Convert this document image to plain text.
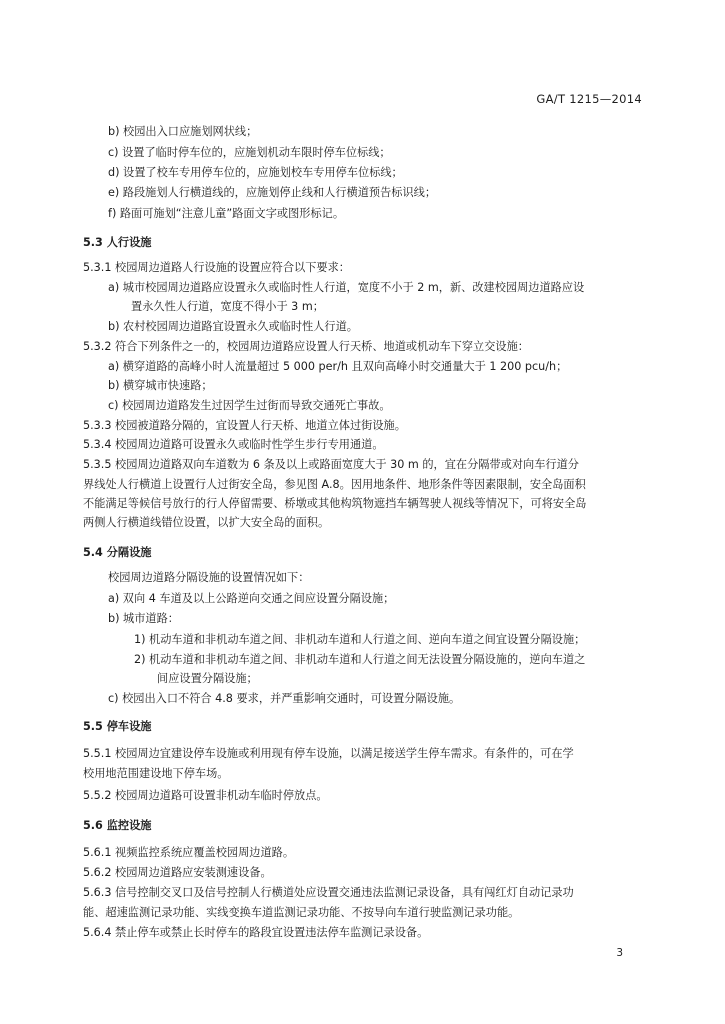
GA/T 1215—2014
b) 校园出入口应施划网状线；
c) 设置了临时停车位的，应施划机动车限时停车位标线；
d) 设置了校车专用停车位的，应施划校车专用停车位标线；
e) 路段施划人行横道线的，应施划停止线和人行横道预告标识线；
f) 路面可施划“注意儿童”路面文字或图形标记。
5.3 人行设施
5.3.1 校园周边道路人行设施的设置应符合以下要求：
a) 城市校园周边道路应设置永久或临时性人行道，宽度不小于 2 m，新、改建校园周边道路应设
置永久性人行道，宽度不得小于 3 m；
b) 农村校园周边道路宜设置永久或临时性人行道。
5.3.2 符合下列条件之一的，校园周边道路应设置人行天桥、地道或机动车下穿立交设施：
a) 横穿道路的高峰小时人流量超过 5 000 per/h 且双向高峰小时交通量大于 1 200 pcu/h；
b) 横穿城市快速路；
c) 校园周边道路发生过因学生过街而导致交通死亡事故。
5.3.3 校园被道路分隔的，宜设置人行天桥、地道立体过街设施。
5.3.4 校园周边道路可设置永久或临时性学生步行专用通道。
5.3.5 校园周边道路双向车道数为 6 条及以上或路面宽度大于 30 m 的，宜在分隔带或对向车行道分
界线处人行横道上设置行人过街安全岛，参见图 A.8。因用地条件、地形条件等因素限制，安全岛面积
不能满足等候信号放行的行人停留需要、桥墩或其他构筑物遮挡车辆驾驶人视线等情况下，可将安全岛
两侧人行横道线错位设置，以扩大安全岛的面积。
5.4 分隔设施
校园周边道路分隔设施的设置情况如下：
a) 双向 4 车道及以上公路逆向交通之间应设置分隔设施；
b) 城市道路：
1) 机动车道和非机动车道之间、非机动车道和人行道之间、逆向车道之间宜设置分隔设施；
2) 机动车道和非机动车道之间、非机动车道和人行道之间无法设置分隔设施的，逆向车道之
间应设置分隔设施；
c) 校园出入口不符合 4.8 要求，并严重影响交通时，可设置分隔设施。
5.5 停车设施
5.5.1 校园周边宜建设停车设施或利用现有停车设施，以满足接送学生停车需求。有条件的，可在学
校用地范围建设地下停车场。
5.5.2 校园周边道路可设置非机动车临时停放点。
5.6 监控设施
5.6.1 视频监控系统应覆盖校园周边道路。
5.6.2 校园周边道路应安装测速设备。
5.6.3 信号控制交叉口及信号控制人行横道处应设置交通违法监测记录设备，具有闯红灯自动记录功
能、超速监测记录功能、实线变换车道监测记录功能、不按导向车道行驶监测记录功能。
5.6.4 禁止停车或禁止长时停车的路段宜设置违法停车监测记录设备。
3
